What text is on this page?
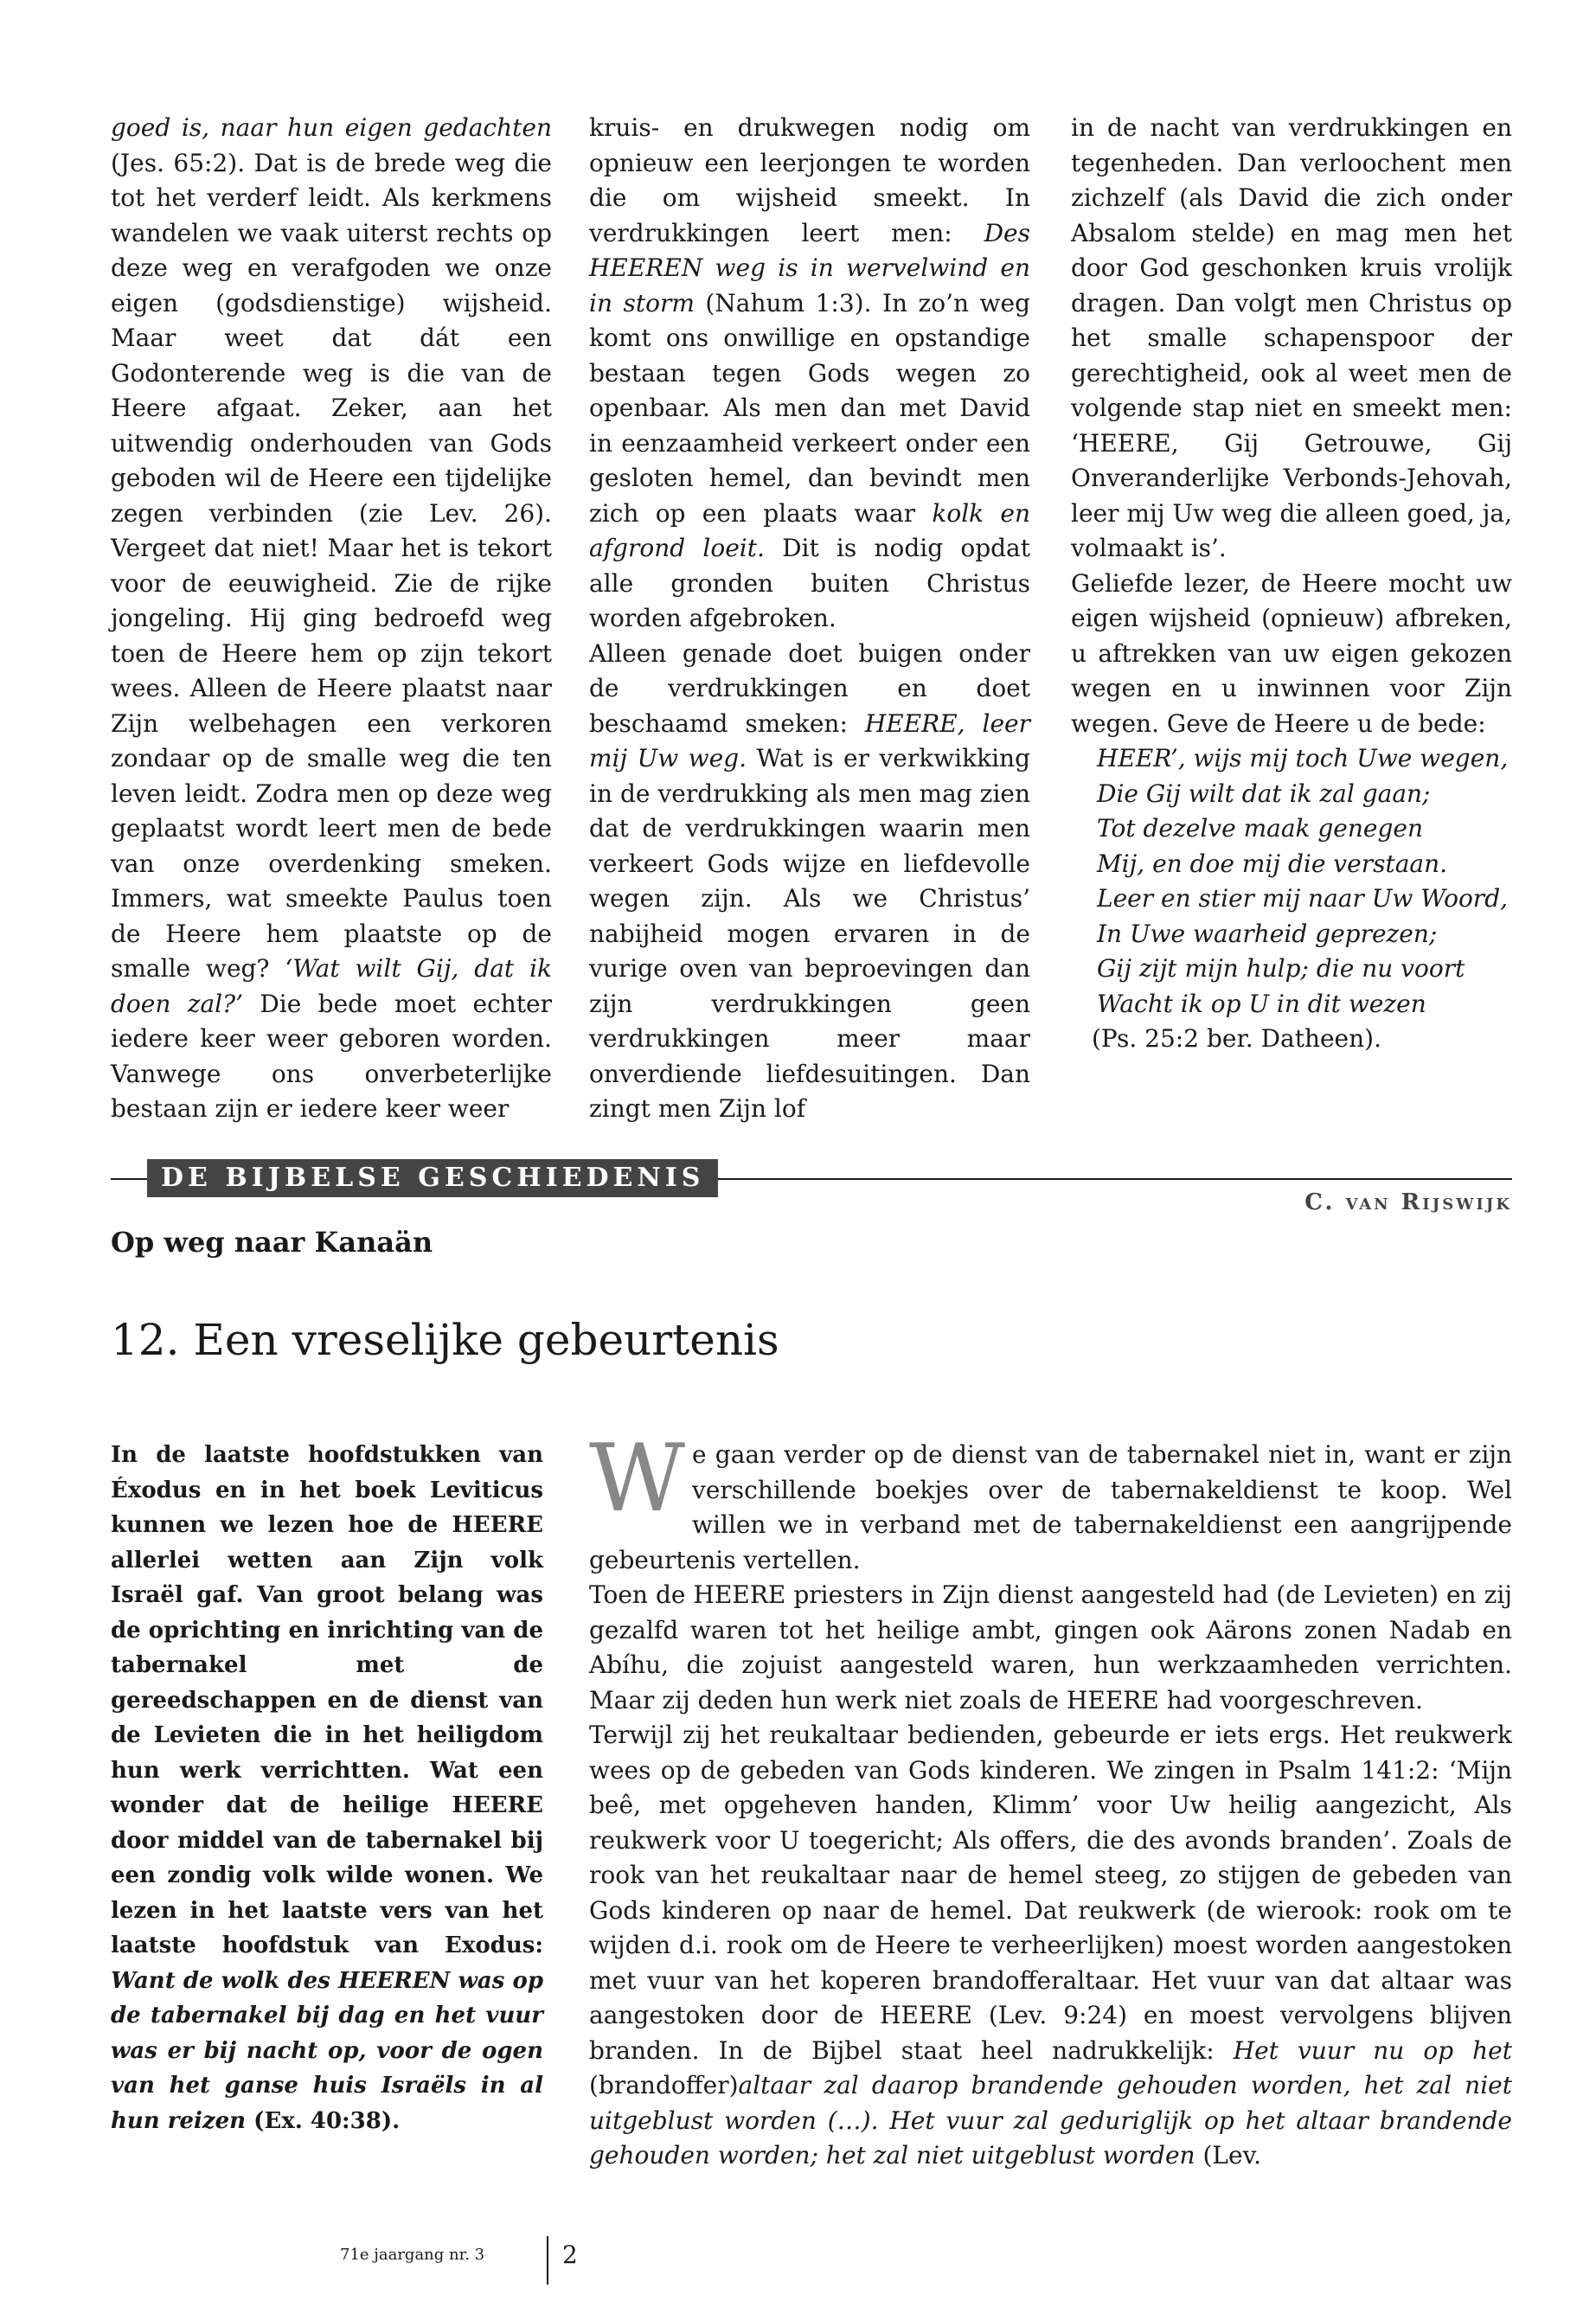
goed is, naar hun eigen gedachten (Jes. 65:2). Dat is de brede weg die tot het verderf leidt. Als kerkmens wandelen we vaak uiterst rechts op deze weg en verafgoden we onze eigen (godsdienstige) wijsheid. Maar weet dat dát een Godonterende weg is die van de Heere afgaat. Zeker, aan het uitwendig onderhouden van Gods geboden wil de Heere een tijdelijke zegen verbinden (zie Lev. 26). Vergeet dat niet! Maar het is tekort voor de eeuwigheid. Zie de rijke jongeling. Hij ging bedroefd weg toen de Heere hem op zijn tekort wees. Alleen de Heere plaatst naar Zijn welbehagen een verkoren zondaar op de smalle weg die ten leven leidt. Zodra men op deze weg geplaatst wordt leert men de bede van onze overdenking smeken. Immers, wat smeekte Paulus toen de Heere hem plaatste op de smalle weg? ‘Wat wilt Gij, dat ik doen zal?’ Die bede moet echter iedere keer weer geboren worden. Vanwege ons onverbeterlijke bestaan zijn er iedere keer weer

kruis- en drukwegen nodig om opnieuw een leerjongen te worden die om wijsheid smeekt. In verdrukkingen leert men: Des HEEREN weg is in wervelwind en in storm (Nahum 1:3). In zo’n weg komt ons onwillige en opstandige bestaan tegen Gods wegen zo openbaar. Als men dan met David in eenzaamheid verkeert onder een gesloten hemel, dan bevindt men zich op een plaats waar kolk en afgrond loeit. Dit is nodig opdat alle gronden buiten Christus worden afgebroken.

Alleen genade doet buigen onder de verdrukkingen en doet beschaamd smeken: HEERE, leer mij Uw weg. Wat is er verkwikking in de verdrukking als men mag zien dat de verdrukkingen waarin men verkeert Gods wijze en liefdevolle wegen zijn. Als we Christus’ nabijheid mogen ervaren in de vurige oven van beproevingen dan zijn verdrukkingen geen verdrukkingen meer maar onverdiende liefdesuitingen. Dan zingt men Zijn lof

in de nacht van verdrukkingen en tegenheden. Dan verloochent men zichzelf (als David die zich onder Absalom stelde) en mag men het door God geschonken kruis vrolijk dragen. Dan volgt men Christus op het smalle schapenspoor der gerechtigheid, ook al weet men de volgende stap niet en smeekt men: ‘HEERE, Gij Getrouwe, Gij Onveranderlijke Verbonds-Jehovah, leer mij Uw weg die alleen goed, ja, volmaakt is’.

Geliefde lezer, de Heere mocht uw eigen wijsheid (opnieuw) afbreken, u aftrekken van uw eigen gekozen wegen en u inwinnen voor Zijn wegen. Geve de Heere u de bede:

HEER’, wijs mij toch Uwe wegen,
Die Gij wilt dat ik zal gaan;
Tot dezelve maak genegen
Mij, en doe mij die verstaan.
Leer en stier mij naar Uw Woord,
In Uwe waarheid geprezen;
Gij zijt mijn hulp; die nu voort
Wacht ik op U in dit wezen
(Ps. 25:2 ber. Datheen).
DE BIJBELSE GESCHIEDENIS
C. van Rijswijk
Op weg naar Kanaän
12. Een vreselijke gebeurtenis
In de laatste hoofdstukken van Éxodus en in het boek Leviticus kunnen we lezen hoe de HEERE allerlei wetten aan Zijn volk Israël gaf. Van groot belang was de oprichting en inrichting van de tabernakel met de gereedschappen en de dienst van de Levieten die in het heiligdom hun werk verrichtten. Wat een wonder dat de heilige HEERE door middel van de tabernakel bij een zondig volk wilde wonen. We lezen in het laatste vers van het laatste hoofdstuk van Exodus: Want de wolk des HEEREN was op de tabernakel bij dag en het vuur was er bij nacht op, voor de ogen van het ganse huis Israëls in al hun reizen (Ex. 40:38).

We gaan verder op de dienst van de tabernakel niet in, want er zijn verschillende boekjes over de tabernakeldienst te koop. Wel willen we in verband met de tabernakeldienst een aangrijpende gebeurtenis vertellen.

Toen de HEERE priesters in Zijn dienst aangesteld had (de Levieten) en zij gezalfd waren tot het heilige ambt, gingen ook Aärons zonen Nadab en Abíhu, die zojuist aangesteld waren, hun werkzaamheden verrichten. Maar zij deden hun werk niet zoals de HEERE had voorgeschreven.

Terwijl zij het reukaltaar bedienden, gebeurde er iets ergs. Het reukwerk wees op de gebeden van Gods kinderen. We zingen in Psalm 141:2: ‘Mijn beê, met opgeheven handen, Klimm’ voor Uw heilig aangezicht, Als reukwerk voor U toegericht; Als offers, die des avonds branden’. Zoals de rook van het reukaltaar naar de hemel steeg, zo stijgen de gebeden van Gods kinderen op naar de hemel. Dat reukwerk (de wierook: rook om te wijden d.i. rook om de Heere te verheerlijken) moest worden aangestoken met vuur van het koperen brandofferaltaar. Het vuur van dat altaar was aangestoken door de HEERE (Lev. 9:24) en moest vervolgens blijven branden. In de Bijbel staat heel nadrukkelijk: Het vuur nu op het (brandoffer)altaar zal daarop brandende gehouden worden, het zal niet uitgeblust worden (…). Het vuur zal geduriglijk op het altaar brandende gehouden worden; het zal niet uitgeblust worden (Lev.

71e jaargang nr. 3	2
